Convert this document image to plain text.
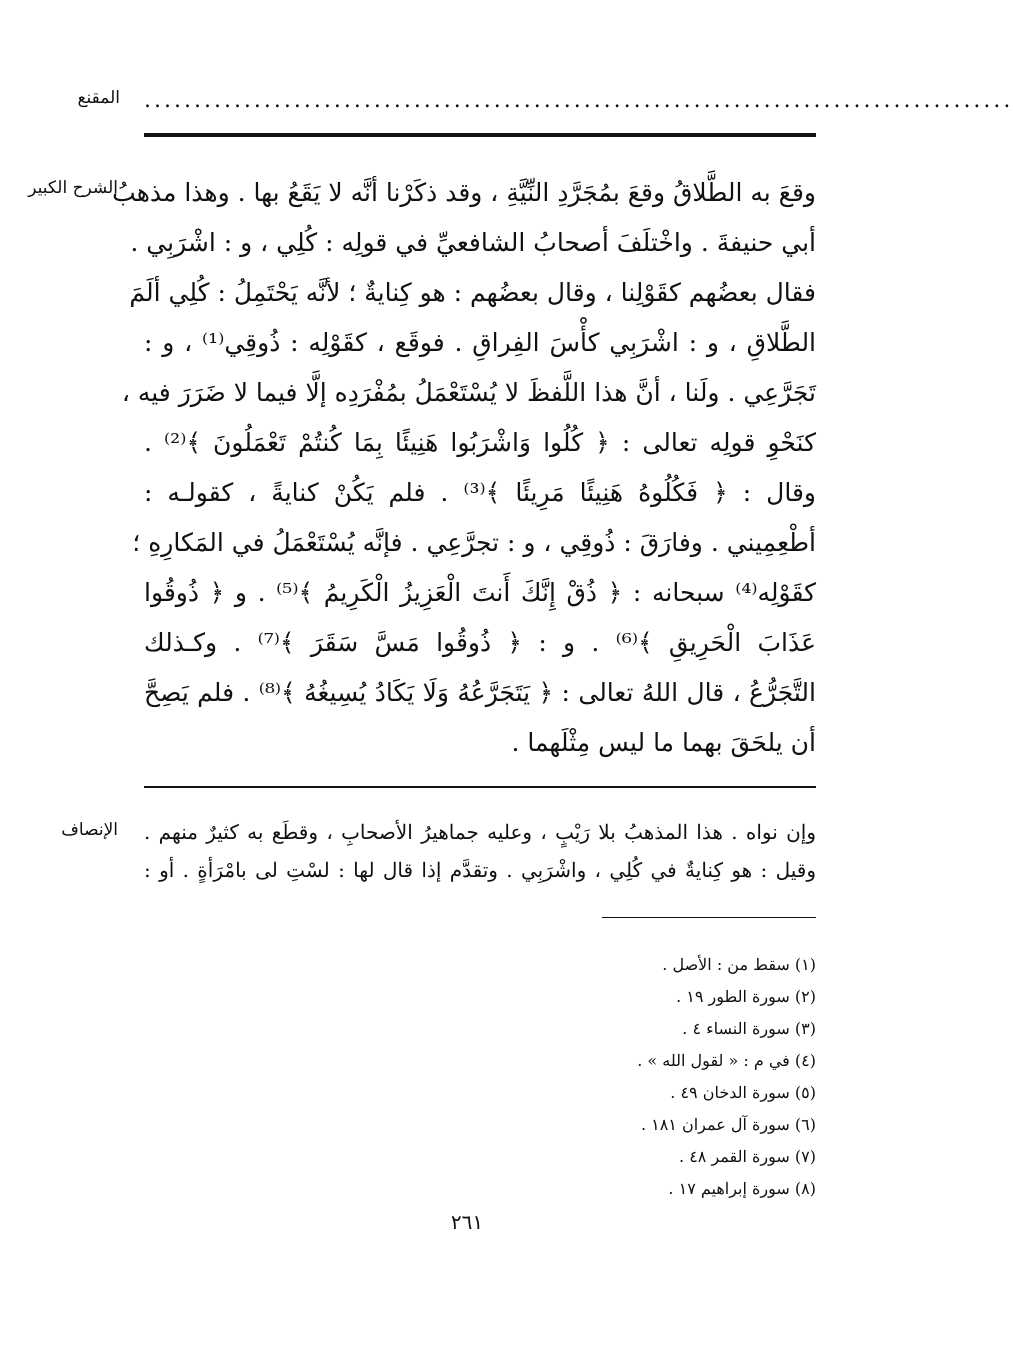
المقنع .......................................................................................
الشرح الكبير
وقعَ به الطَّلاقُ وقعَ بمُجَرَّدِ النِّيَّةِ ، وقد ذكَرْنا أنَّه لا يَقَعُ بها . وهذا مذهبُ
أبي حنيفةَ . واخْتلَفَ أصحابُ الشافعيِّ في قولِه : كُلِي ، و : اشْرَبِي .
فقال بعضُهم كقَوْلِنا ، وقال بعضُهم : هو كِنايةٌ ؛ لأنَّه يَحْتَمِلُ : كُلِي ألَمَ
الطَّلاقِ ، و : اشْرَبِي كأْسَ الفِراقِ . فوقَع ، كقَوْلِه : ذُوقِي⁽¹⁾ ، و :
تَجَرَّعِي . ولَنا ، أنَّ هذا اللَّفظَ لا يُسْتَعْمَلُ بمُفْرَدِه إلَّا فيما لا ضَرَرَ فيه ،
كنَحْوِ قولِه تعالى : ﴿ كُلُوا وَاشْرَبُوا هَنِيئًا بِمَا كُنتُمْ تَعْمَلُونَ ﴾⁽²⁾ .
وقال : ﴿ فَكُلُوهُ هَنِيئًا مَرِيئًا ﴾⁽³⁾ . فلم يَكُنْ كنايةً ، كقولـه :
أطْعِمِيني . وفارَقَ : ذُوقِي ، و : تجرَّعِي . فإنَّه يُسْتَعْمَلُ في المَكارِهِ ؛
كقَوْلِه⁽⁴⁾ سبحانه : ﴿ ذُقْ إِنَّكَ أَنتَ الْعَزِيزُ الْكَرِيمُ ﴾⁽⁵⁾ . و ﴿ ذُوقُوا
عَذَابَ الْحَرِيقِ ﴾⁽⁶⁾ . و : ﴿ ذُوقُوا مَسَّ سَقَرَ ﴾⁽⁷⁾ . وكـذلك
التَّجَرُّعُ ، قال اللهُ تعالى : ﴿ يَتَجَرَّعُهُ وَلَا يَكَادُ يُسِيغُهُ ﴾⁽⁸⁾ . فلم يَصِحَّ
أن يلحَقَ بهما ما ليس مِثْلَهما .
الإنصاف وإن نواه . هذا المذهبُ بلا رَيْبٍ ، وعليه جماهيرُ الأصحابِ ، وقطَع به كثيرٌ منهم .
وقيل : هو كِنايةٌ في كُلِي ، واشْرَبِي . وتقدَّم إذا قال لها : لسْتِ لى بامْرَأةٍ . أو :
(١) سقط من : الأصل .
(٢) سورة الطور ١٩ .
(٣) سورة النساء ٤ .
(٤) في م : « لقول الله » .
(٥) سورة الدخان ٤٩ .
(٦) سورة آل عمران ١٨١ .
(٧) سورة القمر ٤٨ .
(٨) سورة إبراهيم ١٧ .
٢٦١
